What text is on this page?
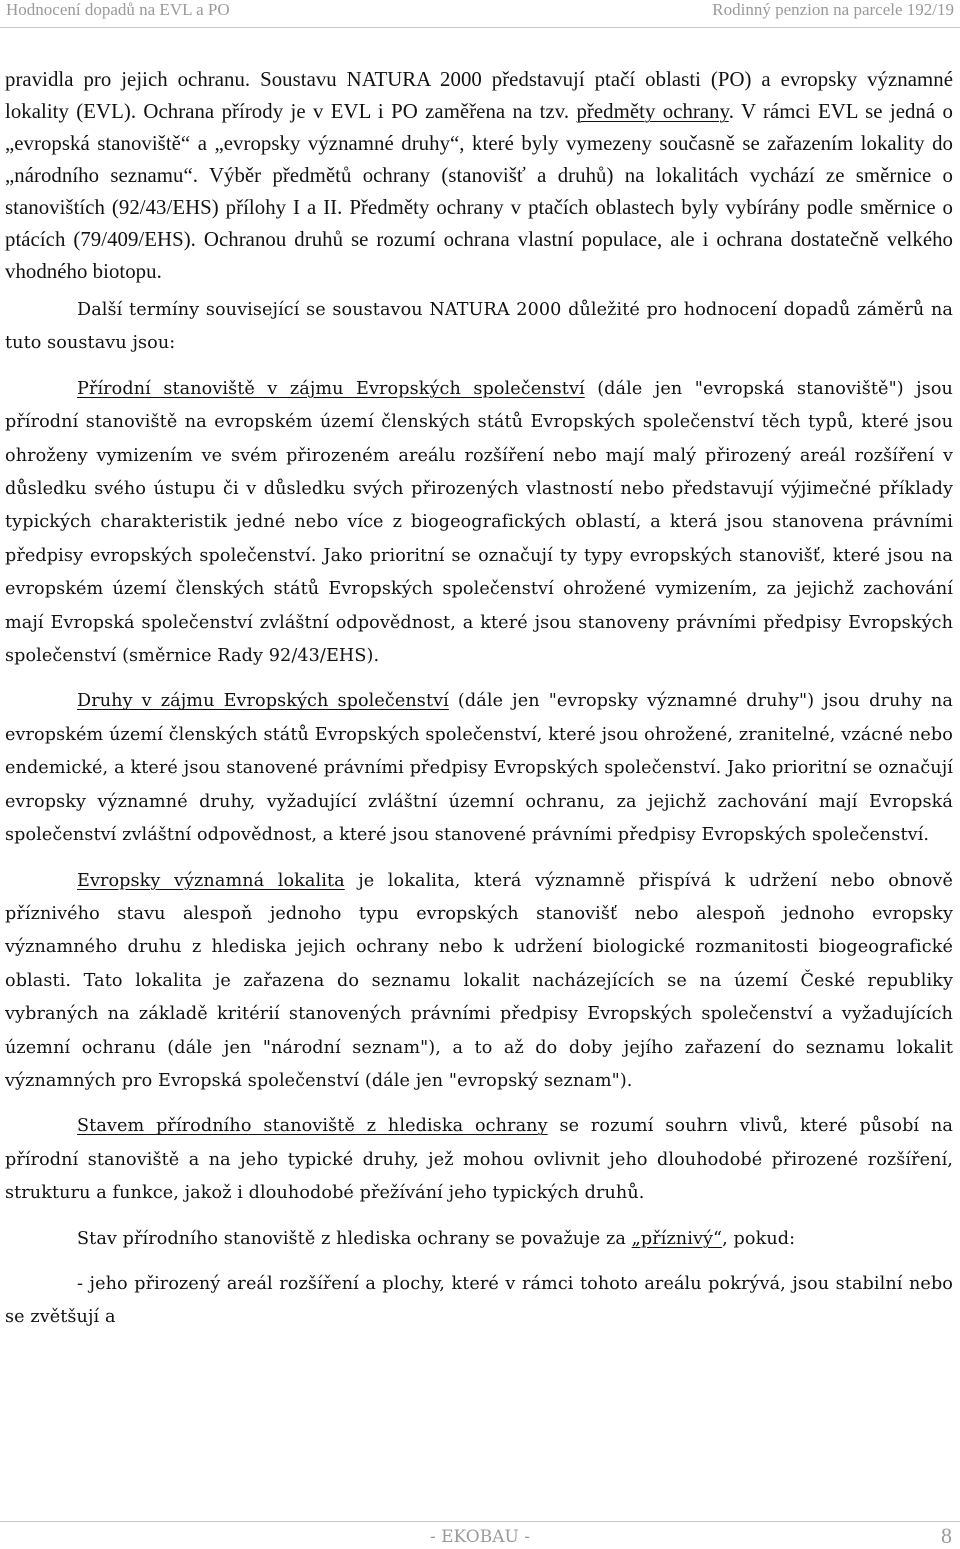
Hodnocení dopadů na EVL a PO	Rodinný penzion na parcele 192/19

pravidla pro jejich ochranu. Soustavu NATURA 2000 představují ptačí oblasti (PO) a evropsky významné lokality (EVL). Ochrana přírody je v EVL i PO zaměřena na tzv. předměty ochrany. V rámci EVL se jedná o „evropská stanoviště“ a „evropsky významné druhy“, které byly vymezeny současně se zařazením lokality do „národního seznamu“. Výběr předmětů ochrany (stanovišť a druhů) na lokalitách vychází ze směrnice o stanovištích (92/43/EHS) přílohy I a II. Předměty ochrany v ptačích oblastech byly vybírány podle směrnice o ptácích (79/409/EHS). Ochranou druhů se rozumí ochrana vlastní populace, ale i ochrana dostatečně velkého vhodného biotopu.

Další termíny související se soustavou NATURA 2000 důležité pro hodnocení dopadů záměrů na tuto soustavu jsou:

Přírodní stanoviště v zájmu Evropských společenství (dále jen "evropská stanoviště") jsou přírodní stanoviště na evropském území členských států Evropských společenství těch typů, které jsou ohroženy vymizením ve svém přirozeném areálu rozšíření nebo mají malý přirozený areál rozšíření v důsledku svého ústupu či v důsledku svých přirozených vlastností nebo představují výjimečné příklady typických charakteristik jedné nebo více z biogeografických oblastí, a která jsou stanovena právními předpisy evropských společenství. Jako prioritní se označují ty typy evropských stanovišť, které jsou na evropském území členských států Evropských společenství ohrožené vymizením, za jejichž zachování mají Evropská společenství zvláštní odpovědnost, a které jsou stanoveny právními předpisy Evropských společenství (směrnice Rady 92/43/EHS).

Druhy v zájmu Evropských společenství (dále jen "evropsky významné druhy") jsou druhy na evropském území členských států Evropských společenství, které jsou ohrožené, zranitelné, vzácné nebo endemické, a které jsou stanovené právními předpisy Evropských společenství. Jako prioritní se označují evropsky významné druhy, vyžadující zvláštní územní ochranu, za jejichž zachování mají Evropská společenství zvláštní odpovědnost, a které jsou stanovené právními předpisy Evropských společenství.

Evropsky významná lokalita je lokalita, která významně přispívá k udržení nebo obnově příznivého stavu alespoň jednoho typu evropských stanovišť nebo alespoň jednoho evropsky významného druhu z hlediska jejich ochrany nebo k udržení biologické rozmanitosti biogeografické oblasti. Tato lokalita je zařazena do seznamu lokalit nacházejících se na území České republiky vybraných na základě kritérií stanovených právními předpisy Evropských společenství a vyžadujících územní ochranu (dále jen "národní seznam"), a to až do doby jejího zařazení do seznamu lokalit významných pro Evropská společenství (dále jen "evropský seznam").

Stavem přírodního stanoviště z hlediska ochrany se rozumí souhrn vlivů, které působí na přírodní stanoviště a na jeho typické druhy, jež mohou ovlivnit jeho dlouhodobé přirozené rozšíření, strukturu a funkce, jakož i dlouhodobé přežívání jeho typických druhů.

Stav přírodního stanoviště z hlediska ochrany se považuje za „příznivý“, pokud:

- jeho přirozený areál rozšíření a plochy, které v rámci tohoto areálu pokrývá, jsou stabilní nebo se zvětšují a

- EKOBAU -	8
